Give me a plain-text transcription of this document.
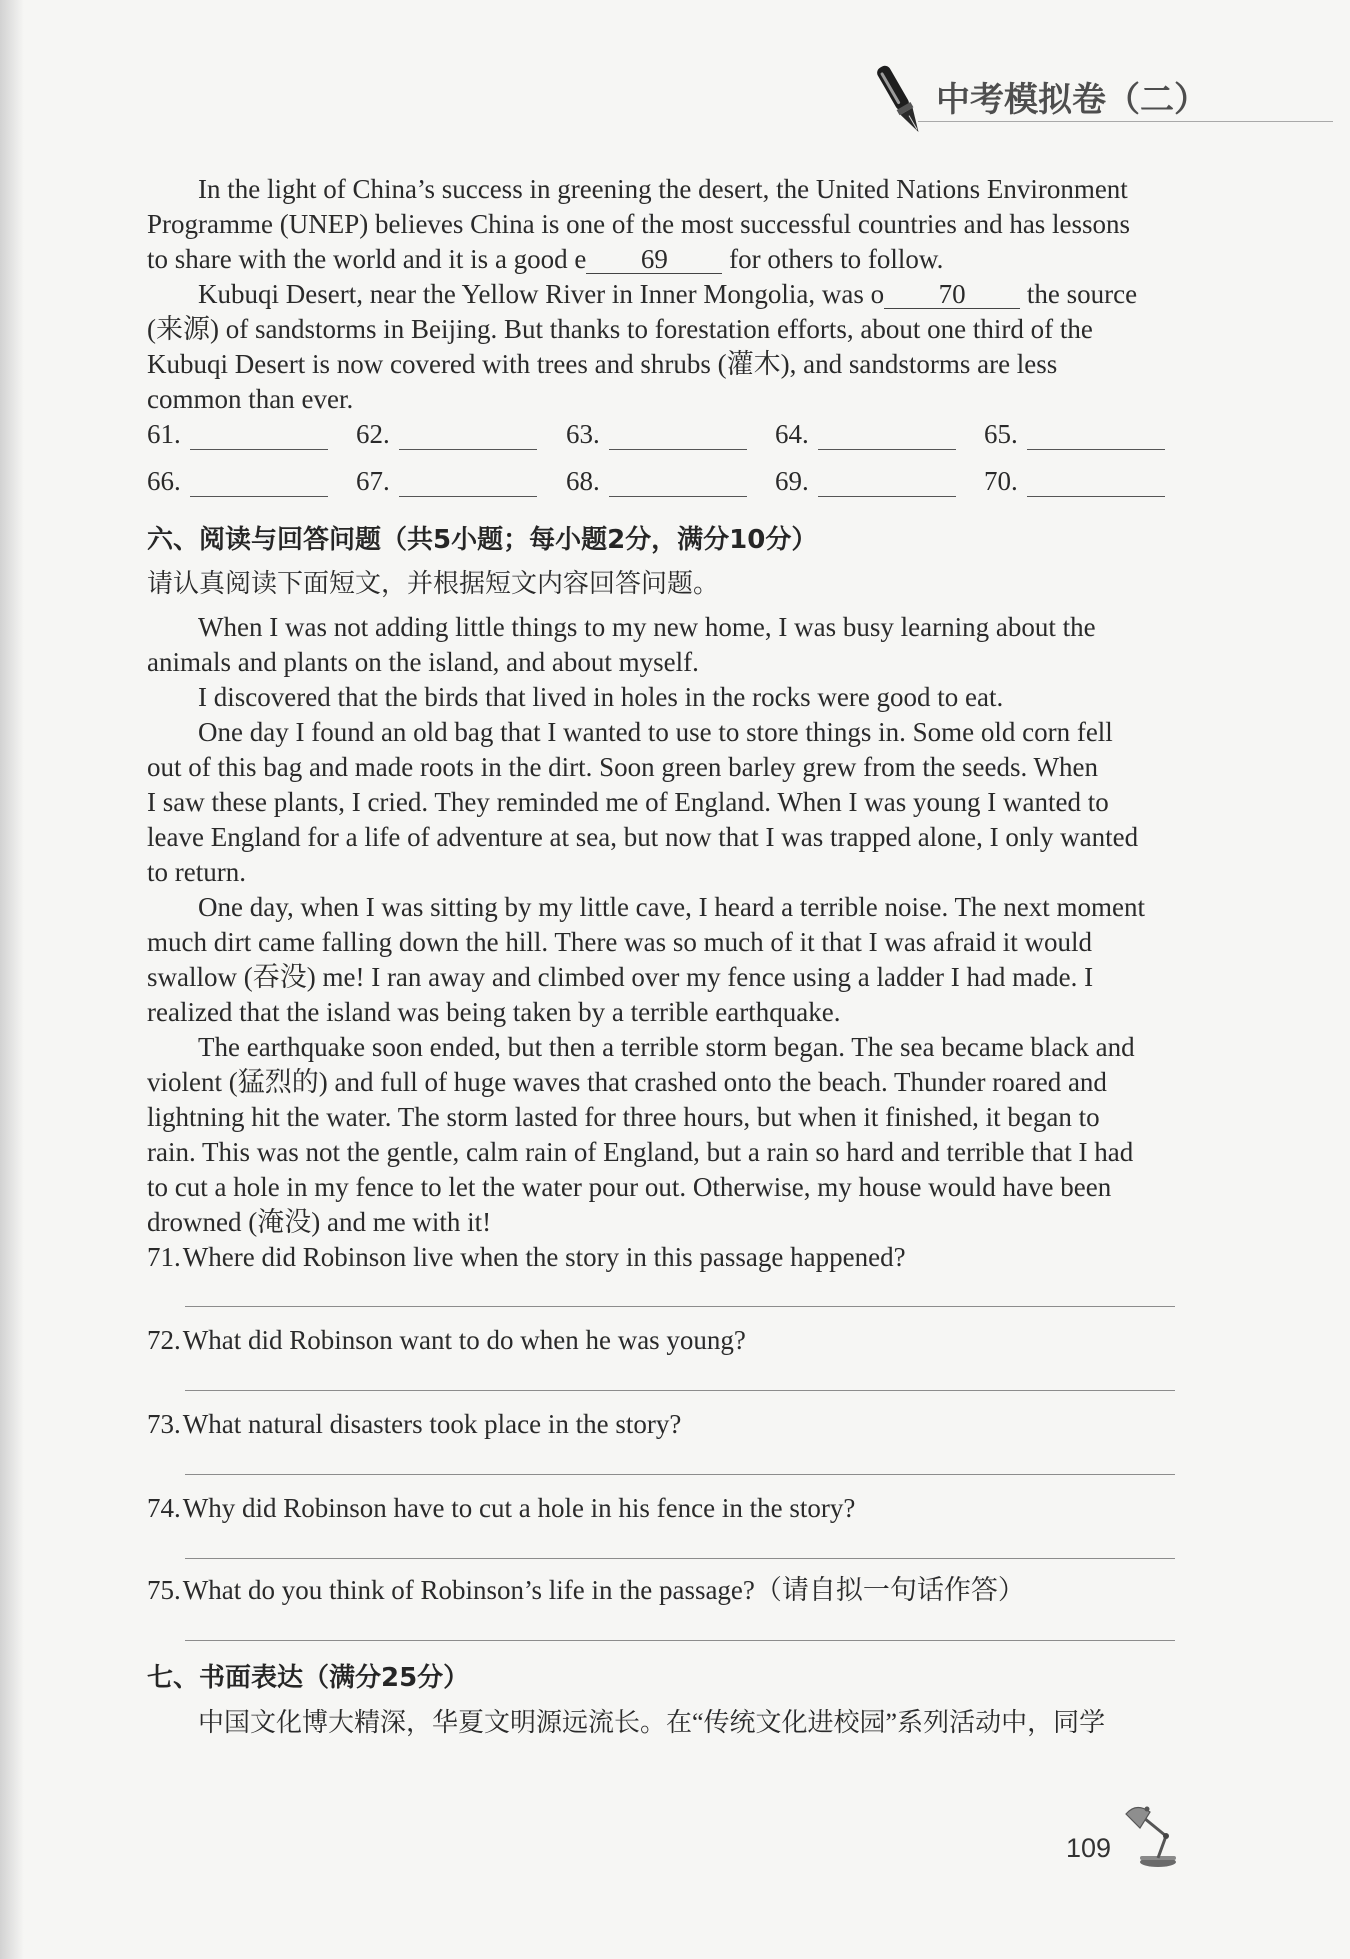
中考模拟卷（二）
In the light of China’s success in greening the desert, the United Nations Environment
Programme (UNEP) believes China is one of the most successful countries and has lessons
to share with the world and it is a good e 69 for others to follow.
Kubuqi Desert, near the Yellow River in Inner Mongolia, was o 70 the source
(来源) of sandstorms in Beijing. But thanks to forestation efforts, about one third of the
Kubuqi Desert is now covered with trees and shrubs (灌木), and sandstorms are less
common than ever.
61.	62.	63.	64.	65.
66.	67.	68.	69.	70.
六、阅读与回答问题（共5小题；每小题2分，满分10分）
请认真阅读下面短文，并根据短文内容回答问题。
When I was not adding little things to my new home, I was busy learning about the
animals and plants on the island, and about myself.
I discovered that the birds that lived in holes in the rocks were good to eat.
One day I found an old bag that I wanted to use to store things in. Some old corn fell
out of this bag and made roots in the dirt. Soon green barley grew from the seeds. When
I saw these plants, I cried. They reminded me of England. When I was young I wanted to
leave England for a life of adventure at sea, but now that I was trapped alone, I only wanted
to return.
One day, when I was sitting by my little cave, I heard a terrible noise. The next moment
much dirt came falling down the hill. There was so much of it that I was afraid it would
swallow (吞没) me! I ran away and climbed over my fence using a ladder I had made. I
realized that the island was being taken by a terrible earthquake.
The earthquake soon ended, but then a terrible storm began. The sea became black and
violent (猛烈的) and full of huge waves that crashed onto the beach. Thunder roared and
lightning hit the water. The storm lasted for three hours, but when it finished, it began to
rain. This was not the gentle, calm rain of England, but a rain so hard and terrible that I had
to cut a hole in my fence to let the water pour out. Otherwise, my house would have been
drowned (淹没) and me with it!
71.Where did Robinson live when the story in this passage happened?
72.What did Robinson want to do when he was young?
73.What natural disasters took place in the story?
74.Why did Robinson have to cut a hole in his fence in the story?
75.What do you think of Robinson’s life in the passage?（请自拟一句话作答）
七、书面表达（满分25分）
中国文化博大精深，华夏文明源远流长。在“传统文化进校园”系列活动中，同学
109
